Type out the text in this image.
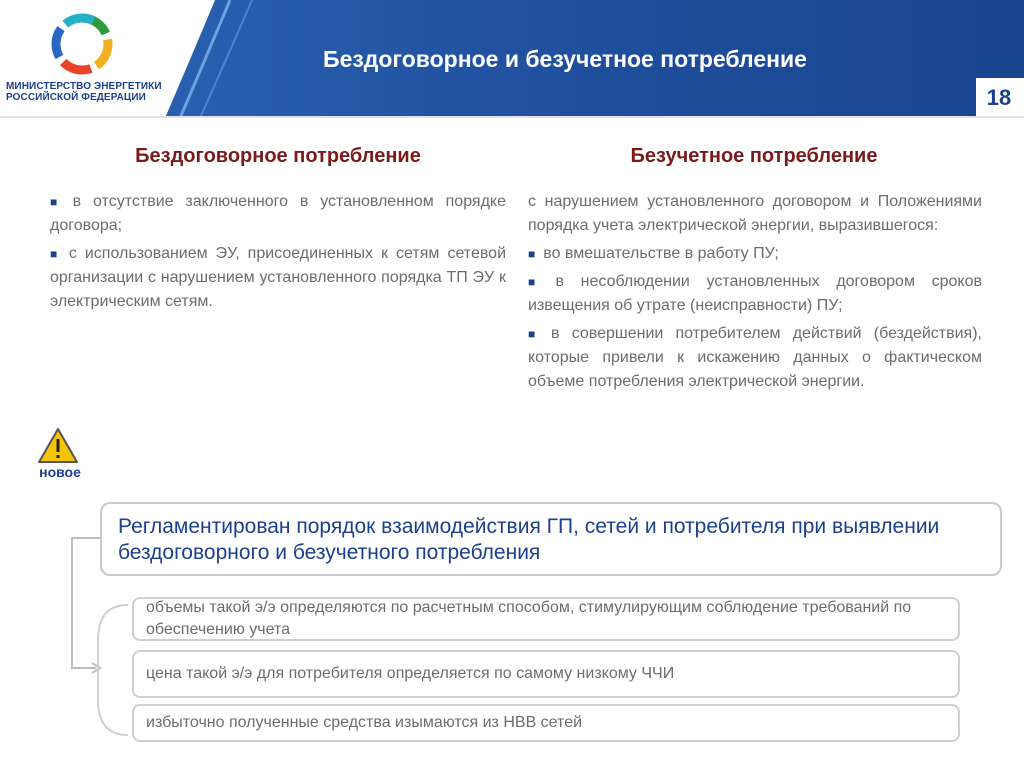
МИНИСТЕРСТВО ЭНЕРГЕТИКИ
РОССИЙСКОЙ ФЕДЕРАЦИИ
Бездоговорное и безучетное потребление
18
Бездоговорное потребление	Безучетное потребление

■ в отсутствие заключенного в установленном порядке договора;

■ с использованием ЭУ, присоединенных к сетям сетевой организации с нарушением установленного порядка ТП ЭУ к электрическим сетям.

с нарушением установленного договором и Положениями порядка учета электрической энергии, выразившегося:

■ во вмешательстве в работу ПУ;

■ в несоблюдении установленных договором сроков извещения об утрате (неисправности) ПУ;

■ в совершении потребителем действий (бездействия), которые привели к искажению данных о фактическом объеме потребления электрической энергии.

новое
Регламентирован порядок взаимодействия ГП, сетей и потребителя при выявлении бездоговорного и безучетного потребления
объемы такой э/э определяются по расчетным способом, стимулирующим соблюдение требований по обеспечению учета
цена такой э/э для потребителя определяется по самому низкому ЧЧИ
избыточно полученные средства изымаются из НВВ сетей
